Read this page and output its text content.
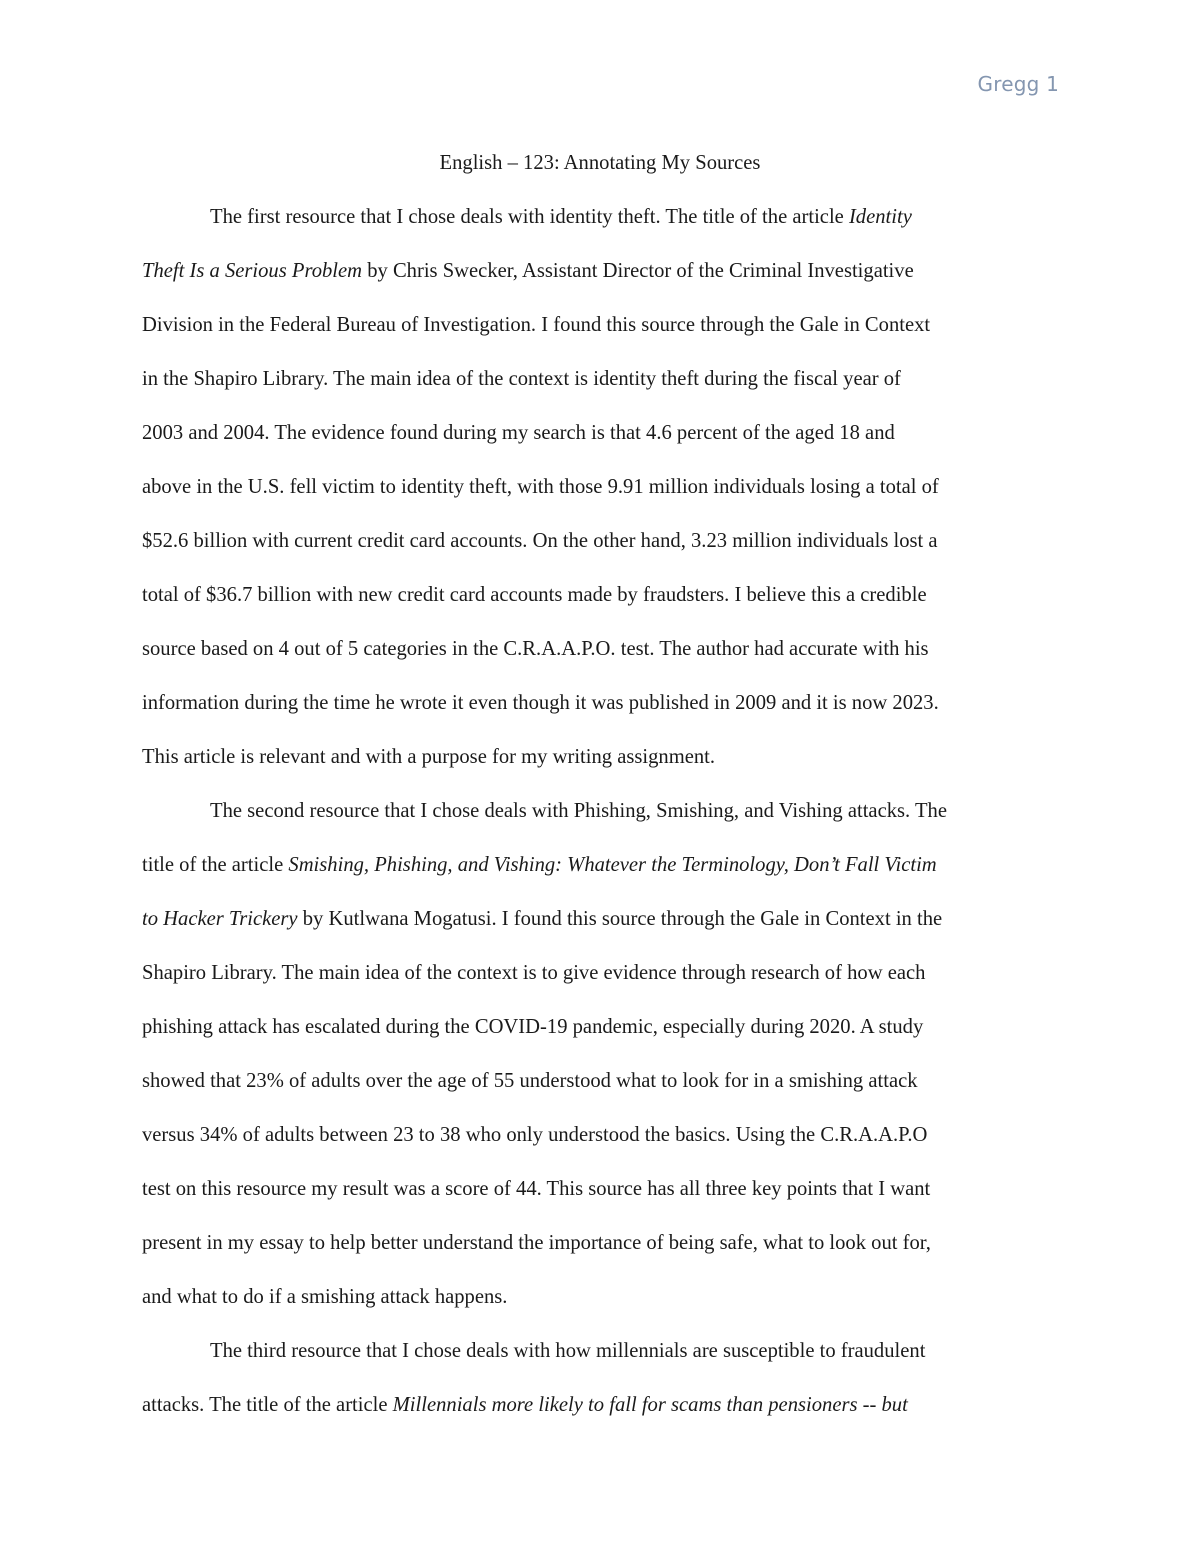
Gregg 1

English – 123: Annotating My Sources

The first resource that I chose deals with identity theft. The title of the article Identity
Theft Is a Serious Problem by Chris Swecker, Assistant Director of the Criminal Investigative
Division in the Federal Bureau of Investigation. I found this source through the Gale in Context
in the Shapiro Library. The main idea of the context is identity theft during the fiscal year of
2003 and 2004. The evidence found during my search is that 4.6 percent of the aged 18 and
above in the U.S. fell victim to identity theft, with those 9.91 million individuals losing a total of
$52.6 billion with current credit card accounts. On the other hand, 3.23 million individuals lost a
total of $36.7 billion with new credit card accounts made by fraudsters. I believe this a credible
source based on 4 out of 5 categories in the C.R.A.A.P.O. test. The author had accurate with his
information during the time he wrote it even though it was published in 2009 and it is now 2023.
This article is relevant and with a purpose for my writing assignment.
The second resource that I chose deals with Phishing, Smishing, and Vishing attacks. The
title of the article Smishing, Phishing, and Vishing: Whatever the Terminology, Don’t Fall Victim
to Hacker Trickery by Kutlwana Mogatusi. I found this source through the Gale in Context in the
Shapiro Library. The main idea of the context is to give evidence through research of how each
phishing attack has escalated during the COVID-19 pandemic, especially during 2020. A study
showed that 23% of adults over the age of 55 understood what to look for in a smishing attack
versus 34% of adults between 23 to 38 who only understood the basics. Using the C.R.A.A.P.O
test on this resource my result was a score of 44. This source has all three key points that I want
present in my essay to help better understand the importance of being safe, what to look out for,
and what to do if a smishing attack happens.
The third resource that I chose deals with how millennials are susceptible to fraudulent
attacks. The title of the article Millennials more likely to fall for scams than pensioners -- but
